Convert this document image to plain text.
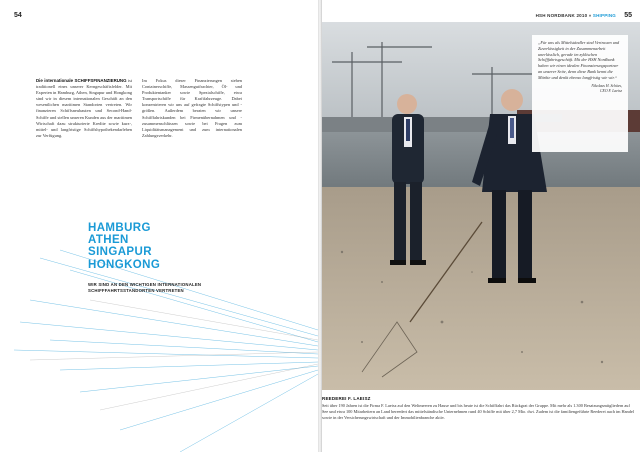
54
Die internationale SCHIFFSFINANZIERUNG ist traditionell eines unserer Kerngeschäftsfelder. Mit Experten in Hamburg, Athen, Singapur und Hongkong sind wir in diesem internationalen Geschäft an den wesentlichen maritimen Standorten vertreten. Wir finanzieren Schiffsneubauten und Second-Hand-Schiffe und stellen unseren Kunden aus der maritimen Wirtschaft dazu strukturierte Kredite sowie kurz-, mittel- und langfristige Schiffshypothekendarlehen zur Verfügung.
Im Fokus dieser Finanzierungen stehen Containerschiffe, Massengutfrachter, Öl- und Produktentanker sowie Spezialschiffe, etwa Transportschiffe für Kraftfahrzeuge. Dabei konzentrieren wir uns auf gefragte Schiffstypen und -größen. Außerdem beraten wir unsere Schifffahrtskunden bei Firmenübernahmen und -zusammenschlüssen sowie bei Fragen zum Liquiditätsmanagement und zum internationalen Zahlungsverkehr.
HAMBURG
ATHEN
SINGAPUR
HONGKONG
WIR SIND AN DEN WICHTIGEN INTERNATIONALEN SCHIFFFAHRTSSTANDORTEN VERTRETEN
HSH NORDBANK 2010 » SHIPPING 55
„Für uns als Mittelständler sind Vertrauen und Zuverlässigkeit in der Zusammenarbeit unerlässlich, gerade im zyklischen Schifffahrtsgeschäft. Mit der HSH Nordbank haben wir einen idealen Finanzierungspartner an unserer Seite, denn diese Bank kennt die Märkte und denkt ebenso langfristig wie wir.“
Nikolaus H. Schües,
CEO F. Laeisz
REEDEREI F. LAEISZ
Seit über 190 Jahren ist die Firma F. Laeisz auf den Weltmeeren zu Hause und bis heute ist die Schifffahrt das Rückgrat der Gruppe. Mit mehr als 1.300 Besatzungsmitgliedern auf See und etwa 100 Mitarbeitern an Land bereedert das mittelständische Unternehmen rund 40 Schiffe mit über 2,7 Mio. dwt. Zudem ist die familiengeführte Reederei auch im Handel sowie in der Versicherungswirtschaft und der Immobilienbranche aktiv.
